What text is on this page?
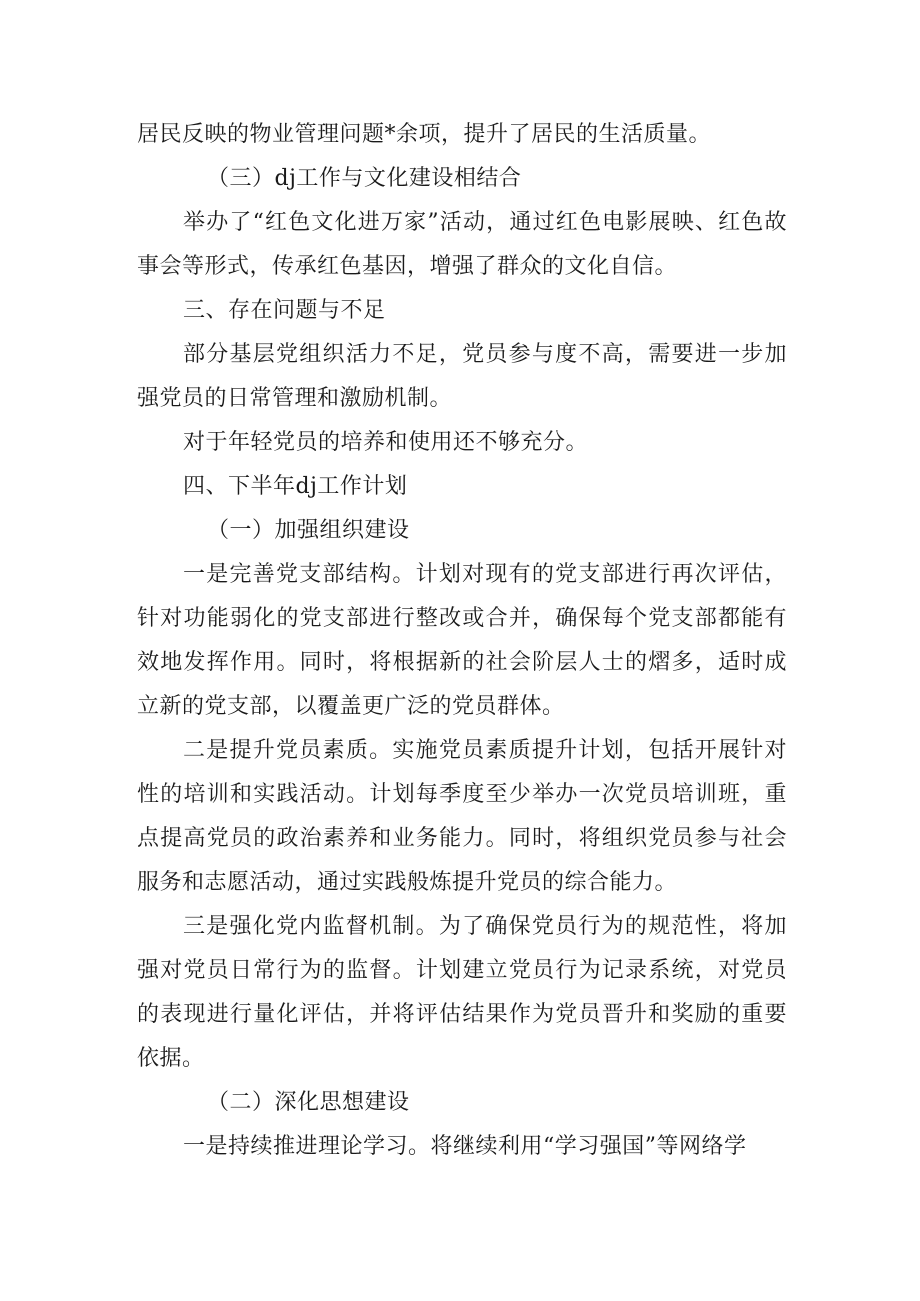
居民反映的物业管理问题*余项，提升了居民的生活质量。

（三）dj工作与文化建设相结合

举办了“红色文化进万家”活动，通过红色电影展映、红色故事会等形式，传承红色基因，增强了群众的文化自信。

三、存在问题与不足

部分基层党组织活力不足，党员参与度不高，需要进一步加强党员的日常管理和激励机制。

对于年轻党员的培养和使用还不够充分。

四、下半年dj工作计划

（一）加强组织建设

一是完善党支部结构。计划对现有的党支部进行再次评估，针对功能弱化的党支部进行整改或合并，确保每个党支部都能有效地发挥作用。同时，将根据新的社会阶层人士的熠多，适时成立新的党支部，以覆盖更广泛的党员群体。

二是提升党员素质。实施党员素质提升计划，包括开展针对性的培训和实践活动。计划每季度至少举办一次党员培训班，重点提高党员的政治素养和业务能力。同时，将组织党员参与社会服务和志愿活动，通过实践般炼提升党员的综合能力。

三是强化党内监督机制。为了确保党员行为的规范性，将加强对党员日常行为的监督。计划建立党员行为记录系统，对党员的表现进行量化评估，并将评估结果作为党员晋升和奖励的重要依据。

（二）深化思想建设

一是持续推进理论学习。将继续利用“学习强国”等网络学
